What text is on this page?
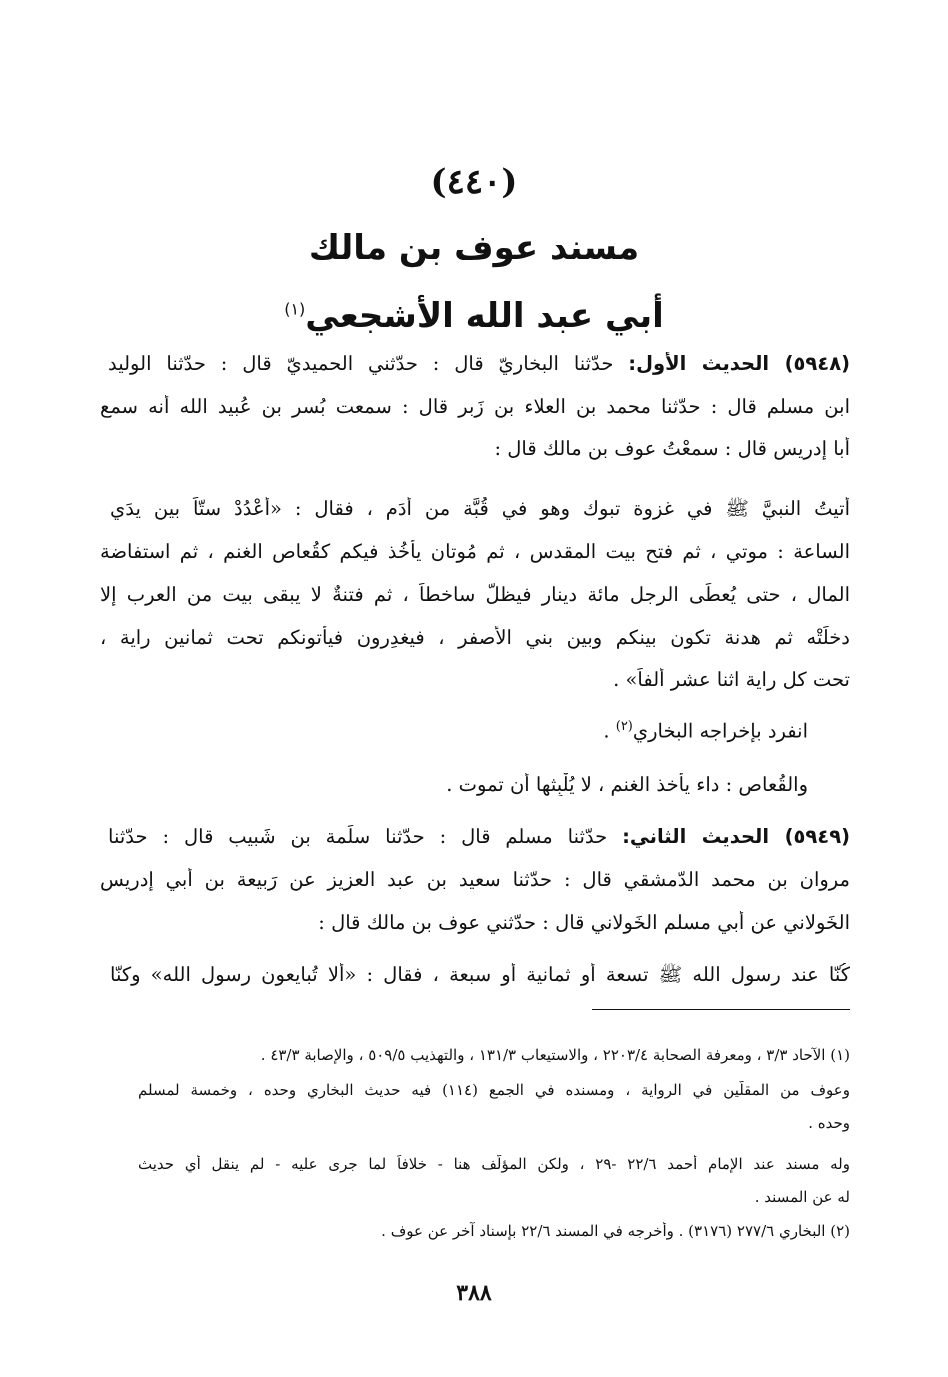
(٤٤٠)
مسند عوف بن مالك
أبي عبد الله الأشجعي$^{(١)}$
(٥٩٤٨) الحديث الأول: حدّثنا البخاريّ قال : حدّثني الحميديّ قال : حدّثنا الوليد
ابن مسلم قال : حدّثنا محمد بن العلاء بن زَبر قال : سمعت بُسر بن عُبيد الله أنه سمع
أبا إدريس قال : سمعْتُ عوف بن مالك قال :
أتيتُ النبيَّ ﷺ في غزوة تبوك وهو في قُبَّة من أَدَم ، فقال : «أعْدُدْ ستّاً بين يدَي
الساعة : موتي ، ثم فتح بيت المقدس ، ثم مُوتان يأخُذ فيكم كقُعاص الغنم ، ثم استفاضة
المال ، حتى يُعطَى الرجل مائة دينار فيظلُّ ساخطاً ، ثم فتنةٌ لا يبقى بيت من العرب إلا
دخلَتْه ثم هدنة تكون بينكم وبين بني الأصفر ، فيغدِرون فيأتونكم تحت ثمانين راية ،
تحت كل راية اثنا عشر ألفاً» .
انفرد بإخراجه البخاري$^{(٢)}$ .
والقُعاص : داء يأخذ الغنم ، لا يُلْبِثها أن تموت .
(٥٩٤٩) الحديث الثاني: حدّثنا مسلم قال : حدّثنا سلَمة بن شَبيب قال : حدّثنا
مروان بن محمد الدّمشقي قال : حدّثنا سعيد بن عبد العزيز عن رَبيعة بن أبي إدريس
الخَولاني عن أبي مسلم الخَولاني قال : حدّثني عوف بن مالك قال :
كُنّا عند رسول الله ﷺ تسعة أو ثمانية أو سبعة ، فقال : «ألا تُبايعون رسول الله» وكنّا
(١) الآحاد ٣/٣ ، ومعرفة الصحابة ٢٢٠٣/٤ ، والاستيعاب ١٣١/٣ ، والتهذيب ٥٠٩/٥ ، والإصابة ٤٣/٣ .
وعوف من المقلّين في الرواية ، ومسنده في الجمع (١١٤) فيه حديث البخاري وحده ، وخمسة لمسلم
وحده .
وله مسند عند الإمام أحمد ٢٢/٦ -٢٩ ، ولكن المؤلّف هنا - خلافاً لما جرى عليه - لم ينقل أي حديث
له عن المسند .
(٢) البخاري ٢٧٧/٦ (٣١٧٦) . وأخرجه في المسند ٢٢/٦ بإسناد آخر عن عوف .
٣٨٨
